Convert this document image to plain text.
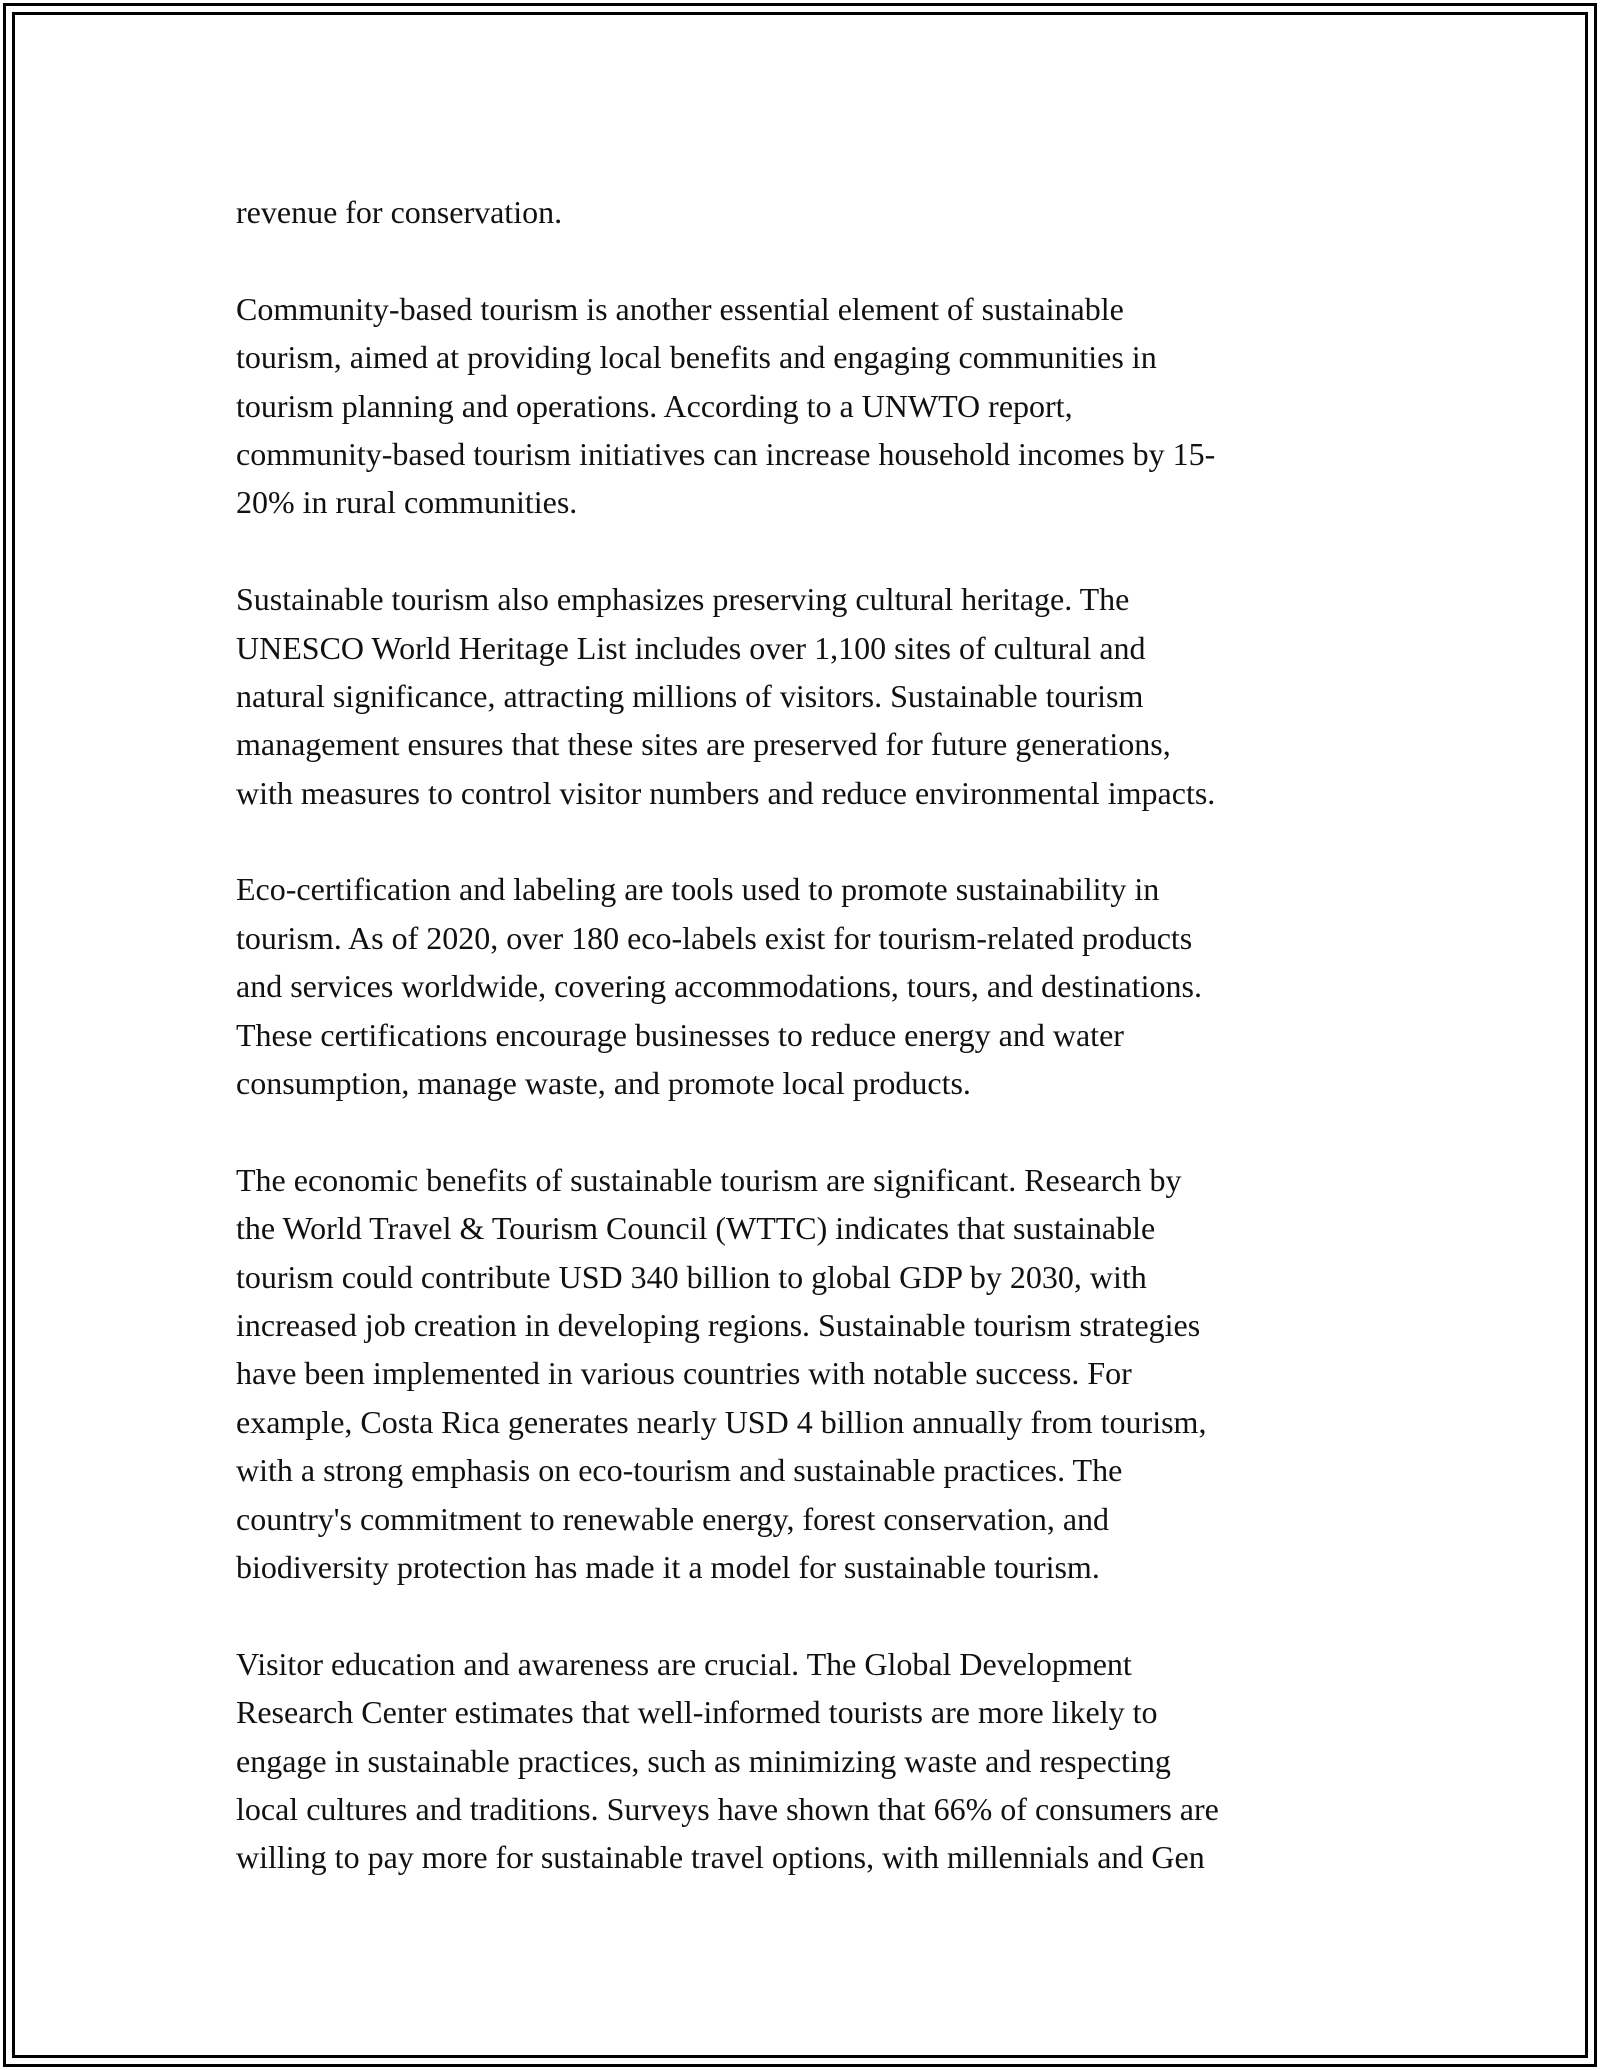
revenue for conservation.
Community-based tourism is another essential element of sustainable
tourism, aimed at providing local benefits and engaging communities in
tourism planning and operations. According to a UNWTO report,
community-based tourism initiatives can increase household incomes by 15-
20% in rural communities.
Sustainable tourism also emphasizes preserving cultural heritage. The
UNESCO World Heritage List includes over 1,100 sites of cultural and
natural significance, attracting millions of visitors. Sustainable tourism
management ensures that these sites are preserved for future generations,
with measures to control visitor numbers and reduce environmental impacts.
Eco-certification and labeling are tools used to promote sustainability in
tourism. As of 2020, over 180 eco-labels exist for tourism-related products
and services worldwide, covering accommodations, tours, and destinations.
These certifications encourage businesses to reduce energy and water
consumption, manage waste, and promote local products.
The economic benefits of sustainable tourism are significant. Research by
the World Travel & Tourism Council (WTTC) indicates that sustainable
tourism could contribute USD 340 billion to global GDP by 2030, with
increased job creation in developing regions. Sustainable tourism strategies
have been implemented in various countries with notable success. For
example, Costa Rica generates nearly USD 4 billion annually from tourism,
with a strong emphasis on eco-tourism and sustainable practices. The
country's commitment to renewable energy, forest conservation, and
biodiversity protection has made it a model for sustainable tourism.
Visitor education and awareness are crucial. The Global Development
Research Center estimates that well-informed tourists are more likely to
engage in sustainable practices, such as minimizing waste and respecting
local cultures and traditions. Surveys have shown that 66% of consumers are
willing to pay more for sustainable travel options, with millennials and Gen
